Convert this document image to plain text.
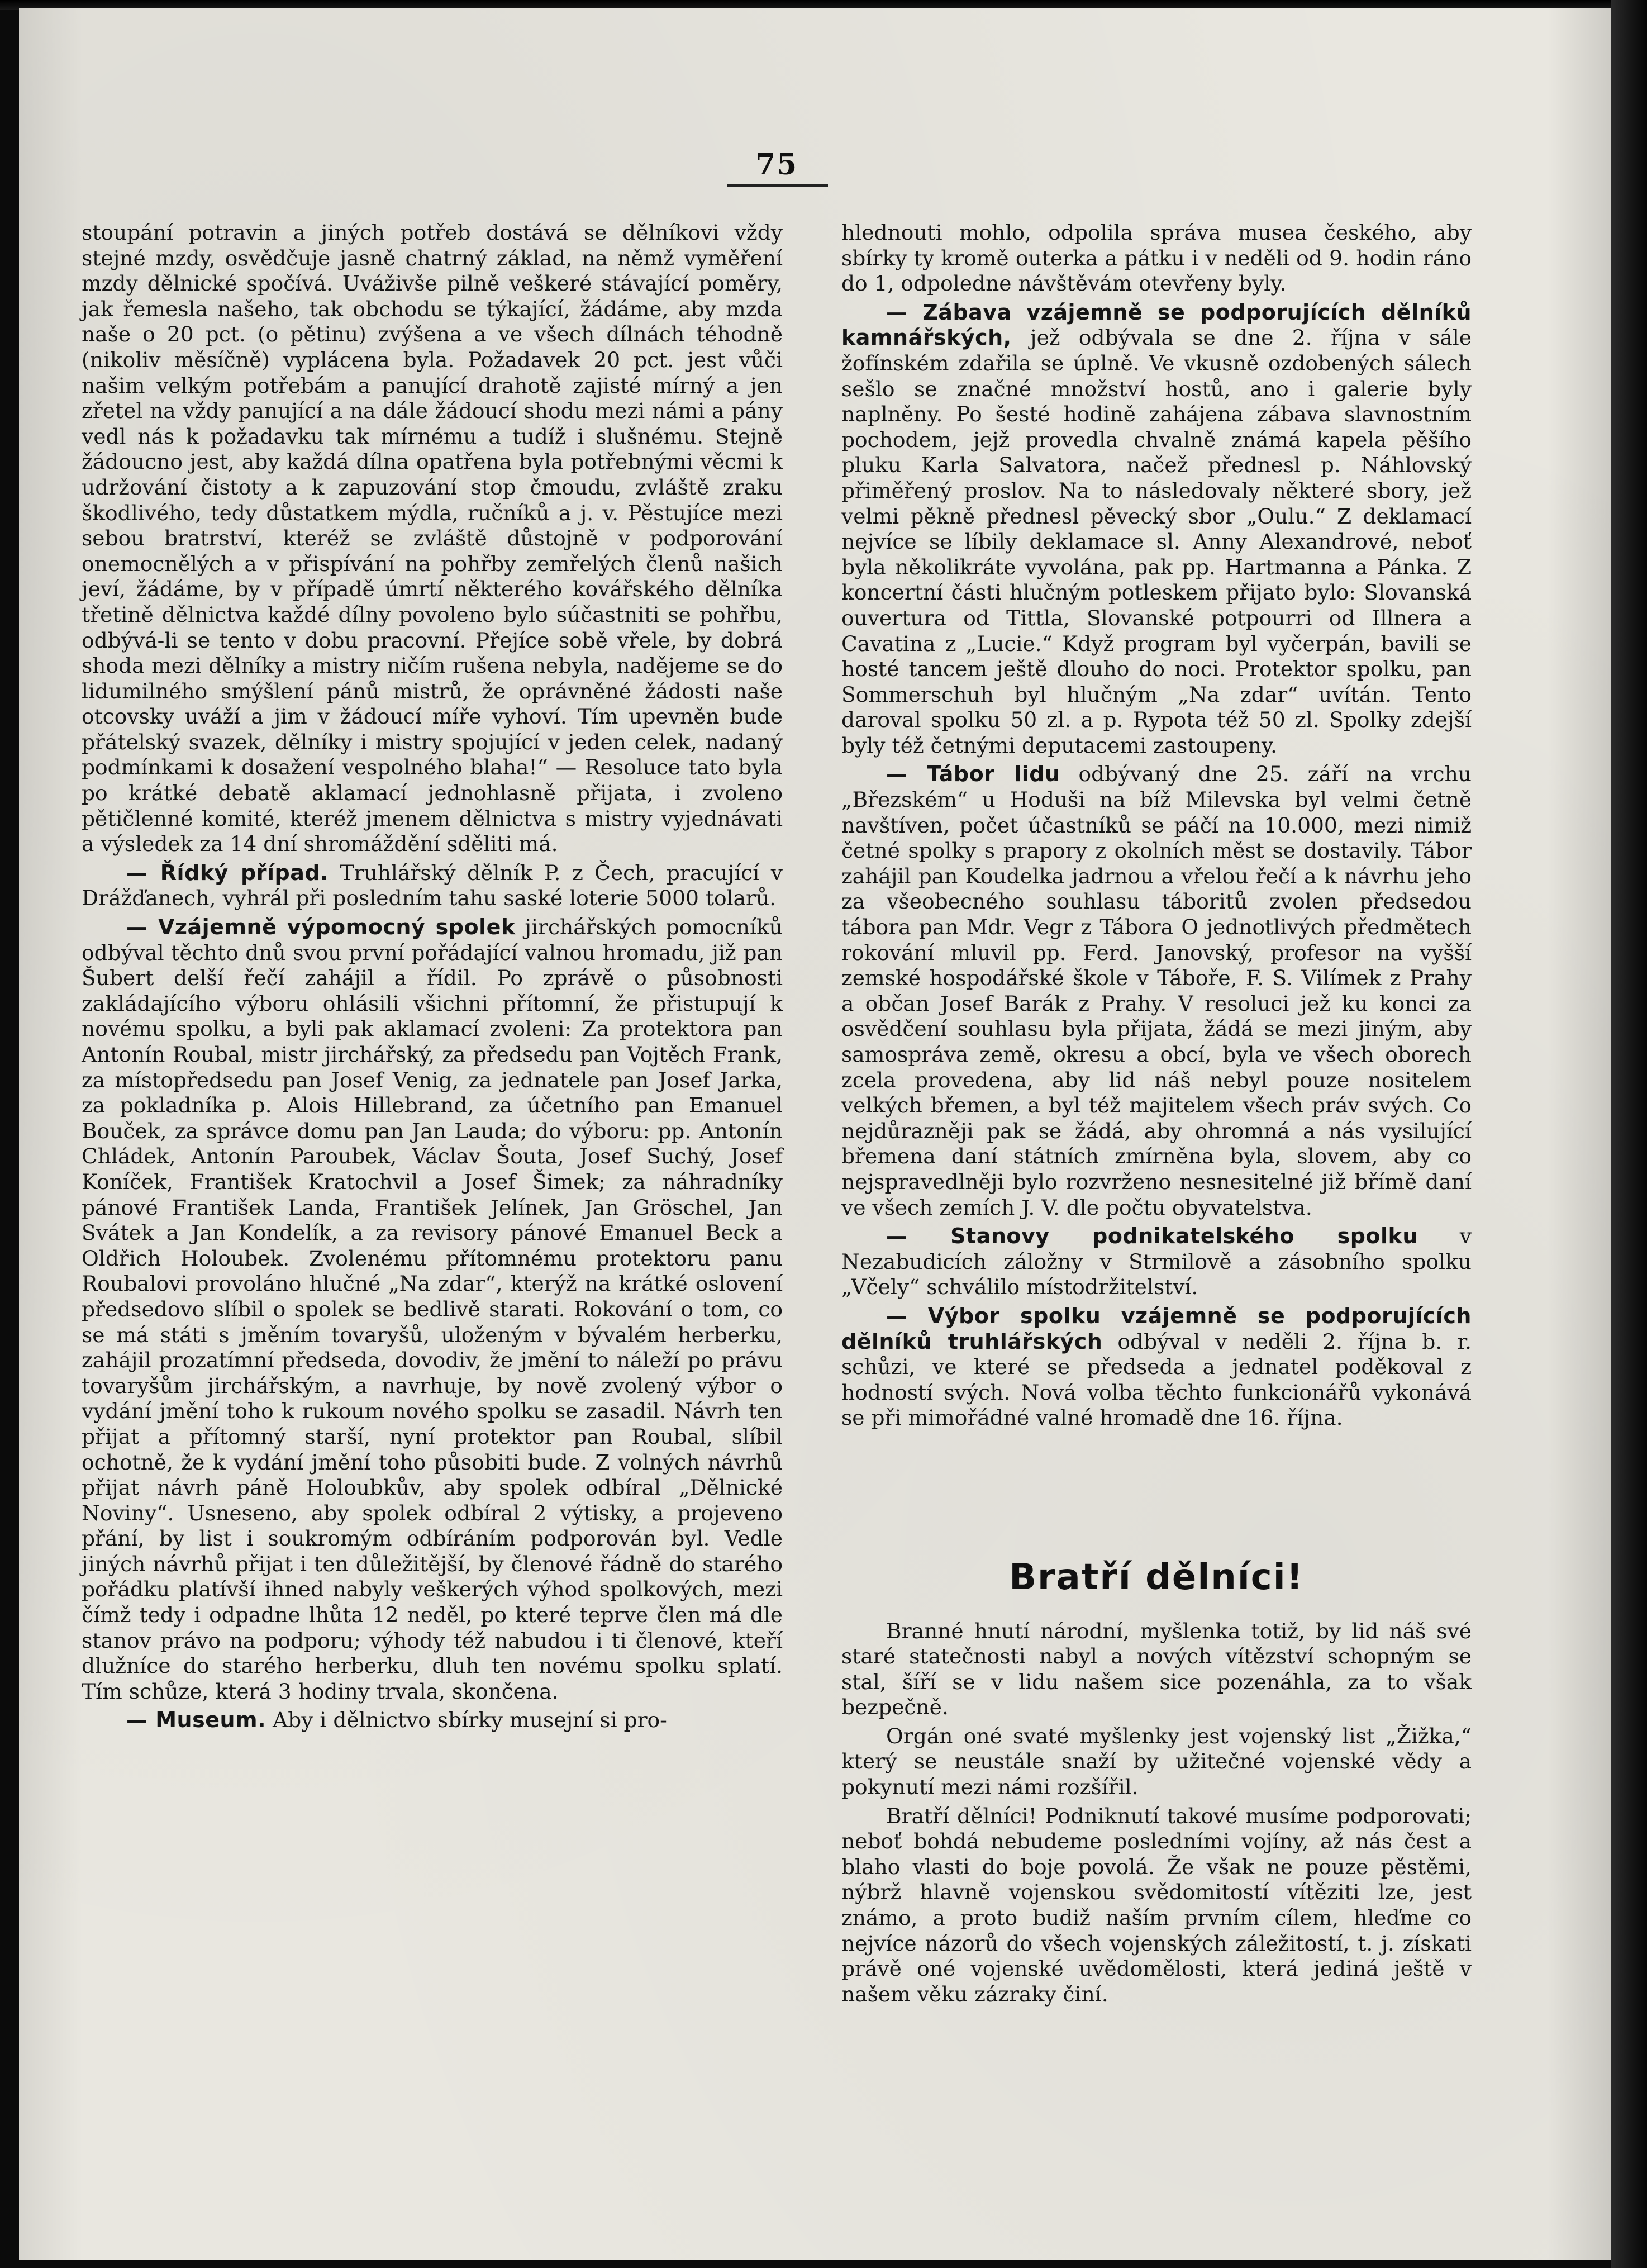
75

stoupání potravin a jiných potřeb dostává se dělníkovi vždy stejné mzdy, osvědčuje jasně chatrný základ, na němž vyměření mzdy dělnické spočívá. Uváživše pilně veškeré stávající poměry, jak řemesla našeho, tak obchodu se týkající, žádáme, aby mzda naše o 20 pct. (o pětinu) zvýšena a ve všech dílnách téhodně (nikoliv měsíčně) vyplácena byla. Požadavek 20 pct. jest vůči našim velkým potřebám a panující drahotě zajisté mírný a jen zřetel na vždy panující a na dále žádoucí shodu mezi námi a pány vedl nás k požadavku tak mírnému a tudíž i slušnému. Stejně žádoucno jest, aby každá dílna opatřena byla potřebnými věcmi k udržování čistoty a k zapuzování stop čmoudu, zvláště zraku škodlivého, tedy důstatkem mýdla, ručníků a j. v. Pěstujíce mezi sebou bratrství, kteréž se zvláště důstojně v podporování onemocnělých a v přispívání na pohřby zemřelých členů našich jeví, žádáme, by v případě úmrtí některého kovářského dělníka třetině dělnictva každé dílny povoleno bylo súčastniti se pohřbu, odbývá-li se tento v dobu pracovní. Přejíce sobě vřele, by dobrá shoda mezi dělníky a mistry ničím rušena nebyla, nadějeme se do lidumilného smýšlení pánů mistrů, že oprávněné žádosti naše otcovsky uváží a jim v žádoucí míře vyhoví. Tím upevněn bude přátelský svazek, dělníky i mistry spojující v jeden celek, nadaný podmínkami k dosažení vespolného blaha!“ — Resoluce tato byla po krátké debatě aklamací jednohlasně přijata, i zvoleno pětičlenné komité, kteréž jmenem dělnictva s mistry vyjednávati a výsledek za 14 dní shromáždění sděliti má.

— Řídký případ. Truhlářský dělník P. z Čech, pracující v Drážďanech, vyhrál při posledním tahu saské loterie 5000 tolarů.

— Vzájemně výpomocný spolek jirchářských pomocníků odbýval těchto dnů svou první pořádající valnou hromadu, již pan Šubert delší řečí zahájil a řídil. Po zprávě o působnosti zakládajícího výboru ohlásili všichni přítomní, že přistupují k novému spolku, a byli pak aklamací zvoleni: Za protektora pan Antonín Roubal, mistr jirchářský, za předsedu pan Vojtěch Frank, za místopředsedu pan Josef Venig, za jednatele pan Josef Jarka, za pokladníka p. Alois Hillebrand, za účetního pan Emanuel Bouček, za správce domu pan Jan Lauda; do výboru: pp. Antonín Chládek, Antonín Paroubek, Václav Šouta, Josef Suchý, Josef Koníček, František Kratochvil a Josef Šimek; za náhradníky pánové František Landa, František Jelínek, Jan Gröschel, Jan Svátek a Jan Kondelík, a za revisory pánové Emanuel Beck a Oldřich Holoubek. Zvolenému přítomnému protektoru panu Roubalovi provoláno hlučné „Na zdar“, kterýž na krátké oslovení předsedovo slíbil o spolek se bedlivě starati. Rokování o tom, co se má státi s jměním tovaryšů, uloženým v bývalém herberku, zahájil prozatímní předseda, dovodiv, že jmění to náleží po právu tovaryšům jirchářským, a navrhuje, by nově zvolený výbor o vydání jmění toho k rukoum nového spolku se zasadil. Návrh ten přijat a přítomný starší, nyní protektor pan Roubal, slíbil ochotně, že k vydání jmění toho působiti bude. Z volných návrhů přijat návrh páně Holoubkův, aby spolek odbíral „Dělnické Noviny“. Usneseno, aby spolek odbíral 2 výtisky, a projeveno přání, by list i soukromým odbíráním podporován byl. Vedle jiných návrhů přijat i ten důležitější, by členové řádně do starého pořádku platívší ihned nabyly veškerých výhod spolkových, mezi čímž tedy i odpadne lhůta 12 neděl, po které teprve člen má dle stanov právo na podporu; výhody též nabudou i ti členové, kteří dlužníce do starého herberku, dluh ten novému spolku splatí. Tím schůze, která 3 hodiny trvala, skončena.

— Museum. Aby i dělnictvo sbírky musejní si pro-

hlednouti mohlo, odpolila správa musea českého, aby sbírky ty kromě outerka a pátku i v neděli od 9. hodin ráno do 1, odpoledne návštěvám otevřeny byly.

— Zábava vzájemně se podporujících dělníků kamnářských, jež odbývala se dne 2. října v sále žofínském zdařila se úplně. Ve vkusně ozdobených sálech sešlo se značné množství hostů, ano i galerie byly naplněny. Po šesté hodině zahájena zábava slavnostním pochodem, jejž provedla chvalně známá kapela pěšího pluku Karla Salvatora, načež přednesl p. Náhlovský přiměřený proslov. Na to následovaly některé sbory, jež velmi pěkně přednesl pěvecký sbor „Oulu.“ Z deklamací nejvíce se líbily deklamace sl. Anny Alexandrové, neboť byla několikráte vyvolána, pak pp. Hartmanna a Pánka. Z koncertní části hlučným potleskem přijato bylo: Slovanská ouvertura od Tittla, Slovanské potpourri od Illnera a Cavatina z „Lucie.“ Když program byl vyčerpán, bavili se hosté tancem ještě dlouho do noci. Protektor spolku, pan Sommerschuh byl hlučným „Na zdar“ uvítán. Tento daroval spolku 50 zl. a p. Rypota též 50 zl. Spolky zdejší byly též četnými deputacemi zastoupeny.

— Tábor lidu odbývaný dne 25. září na vrchu „Březském“ u Hoduši na bíž Milevska byl velmi četně navštíven, počet účastníků se páčí na 10.000, mezi nimiž četné spolky s prapory z okolních měst se dostavily. Tábor zahájil pan Koudelka jadrnou a vřelou řečí a k návrhu jeho za všeobecného souhlasu táboritů zvolen předsedou tábora pan Mdr. Vegr z Tábora O jednotlivých předmětech rokování mluvil pp. Ferd. Janovský, profesor na vyšší zemské hospodářské škole v Táboře, F. S. Vilímek z Prahy a občan Josef Barák z Prahy. V resoluci jež ku konci za osvědčení souhlasu byla přijata, žádá se mezi jiným, aby samospráva země, okresu a obcí, byla ve všech oborech zcela provedena, aby lid náš nebyl pouze nositelem velkých břemen, a byl též majitelem všech práv svých. Co nejdůrazněji pak se žádá, aby ohromná a nás vysilující břemena daní státních zmírněna byla, slovem, aby co nejspravedlněji bylo rozvrženo nesnesitelné již břímě daní ve všech zemích J. V. dle počtu obyvatelstva.

— Stanovy podnikatelského spolku v Nezabudicích záložny v Strmilově a zásobního spolku „Včely“ schválilo místodržitelství.

— Výbor spolku vzájemně se podporujících dělníků truhlářských odbýval v neděli 2. října b. r. schůzi, ve které se předseda a jednatel poděkoval z hodností svých. Nová volba těchto funkcionářů vykonává se při mimořádné valné hromadě dne 16. října.

Bratří dělníci!

Branné hnutí národní, myšlenka totiž, by lid náš své staré statečnosti nabyl a nových vítězství schopným se stal, šíří se v lidu našem sice pozenáhla, za to však bezpečně.

Orgán oné svaté myšlenky jest vojenský list „Žižka,“ který se neustále snaží by užitečné vojenské vědy a pokynutí mezi námi rozšířil.

Bratří dělníci! Podniknutí takové musíme podporovati; neboť bohdá nebudeme posledními vojíny, až nás čest a blaho vlasti do boje povolá. Že však ne pouze pěstěmi, nýbrž hlavně vojenskou svědomitostí vítěziti lze, jest známo, a proto budiž naším prvním cílem, hleďme co nejvíce názorů do všech vojenských záležitostí, t. j. získati právě oné vojenské uvědomělosti, která jediná ještě v našem věku zázraky činí.
